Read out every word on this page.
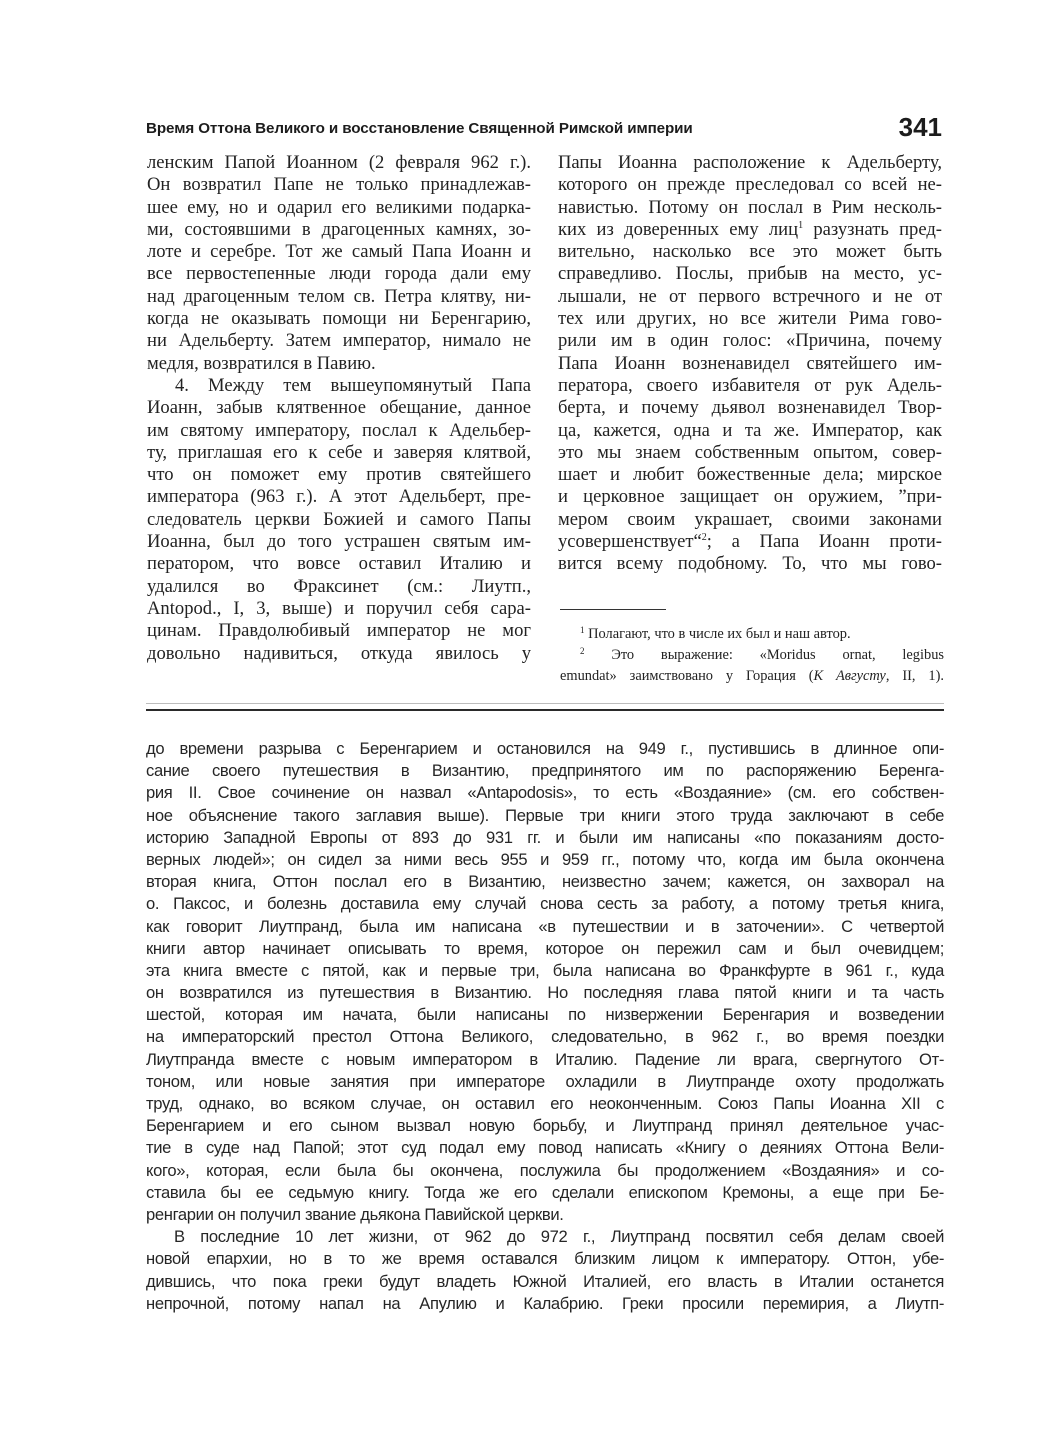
Время Оттона Великого и восстановление Священной Римской империи	341
ленским Папой Иоанном (2 февраля 962 г.).
Он возвратил Папе не только принадлежав-
шее ему, но и одарил его великими подарка-
ми, состоявшими в драгоценных камнях, зо-
лоте и серебре. Тот же самый Папа Иоанн и
все первостепенные люди города дали ему
над драгоценным телом св. Петра клятву, ни-
когда не оказывать помощи ни Беренгарию,
ни Адельберту. Затем император, нимало не
медля, возвратился в Павию.
4. Между тем вышеупомянутый Папа
Иоанн, забыв клятвенное обещание, данное
им святому императору, послал к Адельбер-
ту, приглашая его к себе и заверяя клятвой,
что он поможет ему против святейшего
императора (963 г.). А этот Адельберт, пре-
следователь церкви Божией и самого Папы
Иоанна, был до того устрашен святым им-
ператором, что вовсе оставил Италию и
удалился во Фраксинет (см.: Лиутп.,
Antopod., I, 3, выше) и поручил себя сара-
цинам. Правдолюбивый император не мог
довольно надивиться, откуда явилось у
Папы Иоанна расположение к Адельберту,
которого он прежде преследовал со всей не-
навистью. Потому он послал в Рим несколь-
ких из доверенных ему лиц$^1$ разузнать пред-
вительно, насколько все это может быть
справедливо. Послы, прибыв на место, ус-
лышали, не от первого встречного и не от
тех или других, но все жители Рима гово-
рили им в один голос: «Причина, почему
Папа Иоанн возненавидел святейшего им-
ператора, своего избавителя от рук Адель-
берта, и почему дьявол возненавидел Твор-
ца, кажется, одна и та же. Император, как
это мы знаем собственным опытом, совер-
шает и любит божественные дела; мирское
и церковное защищает он оружием, ”при-
мером своим украшает, своими законами
усовершенствует“$^2$; а Папа Иоанн проти-
вится всему подобному. То, что мы гово-
$^1$ Полагают, что в числе их был и наш автор.
$^2$ Это выражение: «Moridus ornat, legibus
emundat» заимствовано у Горация (К Августу, II, 1).
до времени разрыва с Беренгарием и остановился на 949 г., пустившись в длинное опи-
сание своего путешествия в Византию, предпринятого им по распоряжению Беренга-
рия II. Свое сочинение он назвал «Antapodosis», то есть «Воздаяние» (см. его собствен-
ное объяснение такого заглавия выше). Первые три книги этого труда заключают в себе
историю Западной Европы от 893 до 931 гг. и были им написаны «по показаниям досто-
верных людей»; он сидел за ними весь 955 и 959 гг., потому что, когда им была окончена
вторая книга, Оттон послал его в Византию, неизвестно зачем; кажется, он захворал на
о. Паксос, и болезнь доставила ему случай снова сесть за работу, а потому третья книга,
как говорит Лиутпранд, была им написана «в путешествии и в заточении». С четвертой
книги автор начинает описывать то время, которое он пережил сам и был очевидцем;
эта книга вместе с пятой, как и первые три, была написана во Франкфурте в 961 г., куда
он возвратился из путешествия в Византию. Но последняя глава пятой книги и та часть
шестой, которая им начата, были написаны по низвержении Беренгария и возведении
на императорский престол Оттона Великого, следовательно, в 962 г., во время поездки
Лиутпранда вместе с новым императором в Италию. Падение ли врага, свергнутого От-
тоном, или новые занятия при императоре охладили в Лиутпранде охоту продолжать
труд, однако, во всяком случае, он оставил его неоконченным. Союз Папы Иоанна XII с
Беренгарием и его сыном вызвал новую борьбу, и Лиутпранд принял деятельное учас-
тие в суде над Папой; этот суд подал ему повод написать «Книгу о деяниях Оттона Вели-
кого», которая, если была бы окончена, послужила бы продолжением «Воздаяния» и со-
ставила бы ее седьмую книгу. Тогда же его сделали епископом Кремоны, а еще при Бе-
ренгарии он получил звание дьякона Павийской церкви.
В последние 10 лет жизни, от 962 до 972 г., Лиутпранд посвятил себя делам своей
новой епархии, но в то же время оставался близким лицом к императору. Оттон, убе-
дившись, что пока греки будут владеть Южной Италией, его власть в Италии останется
непрочной, потому напал на Апулию и Калабрию. Греки просили перемирия, а Лиутп-
